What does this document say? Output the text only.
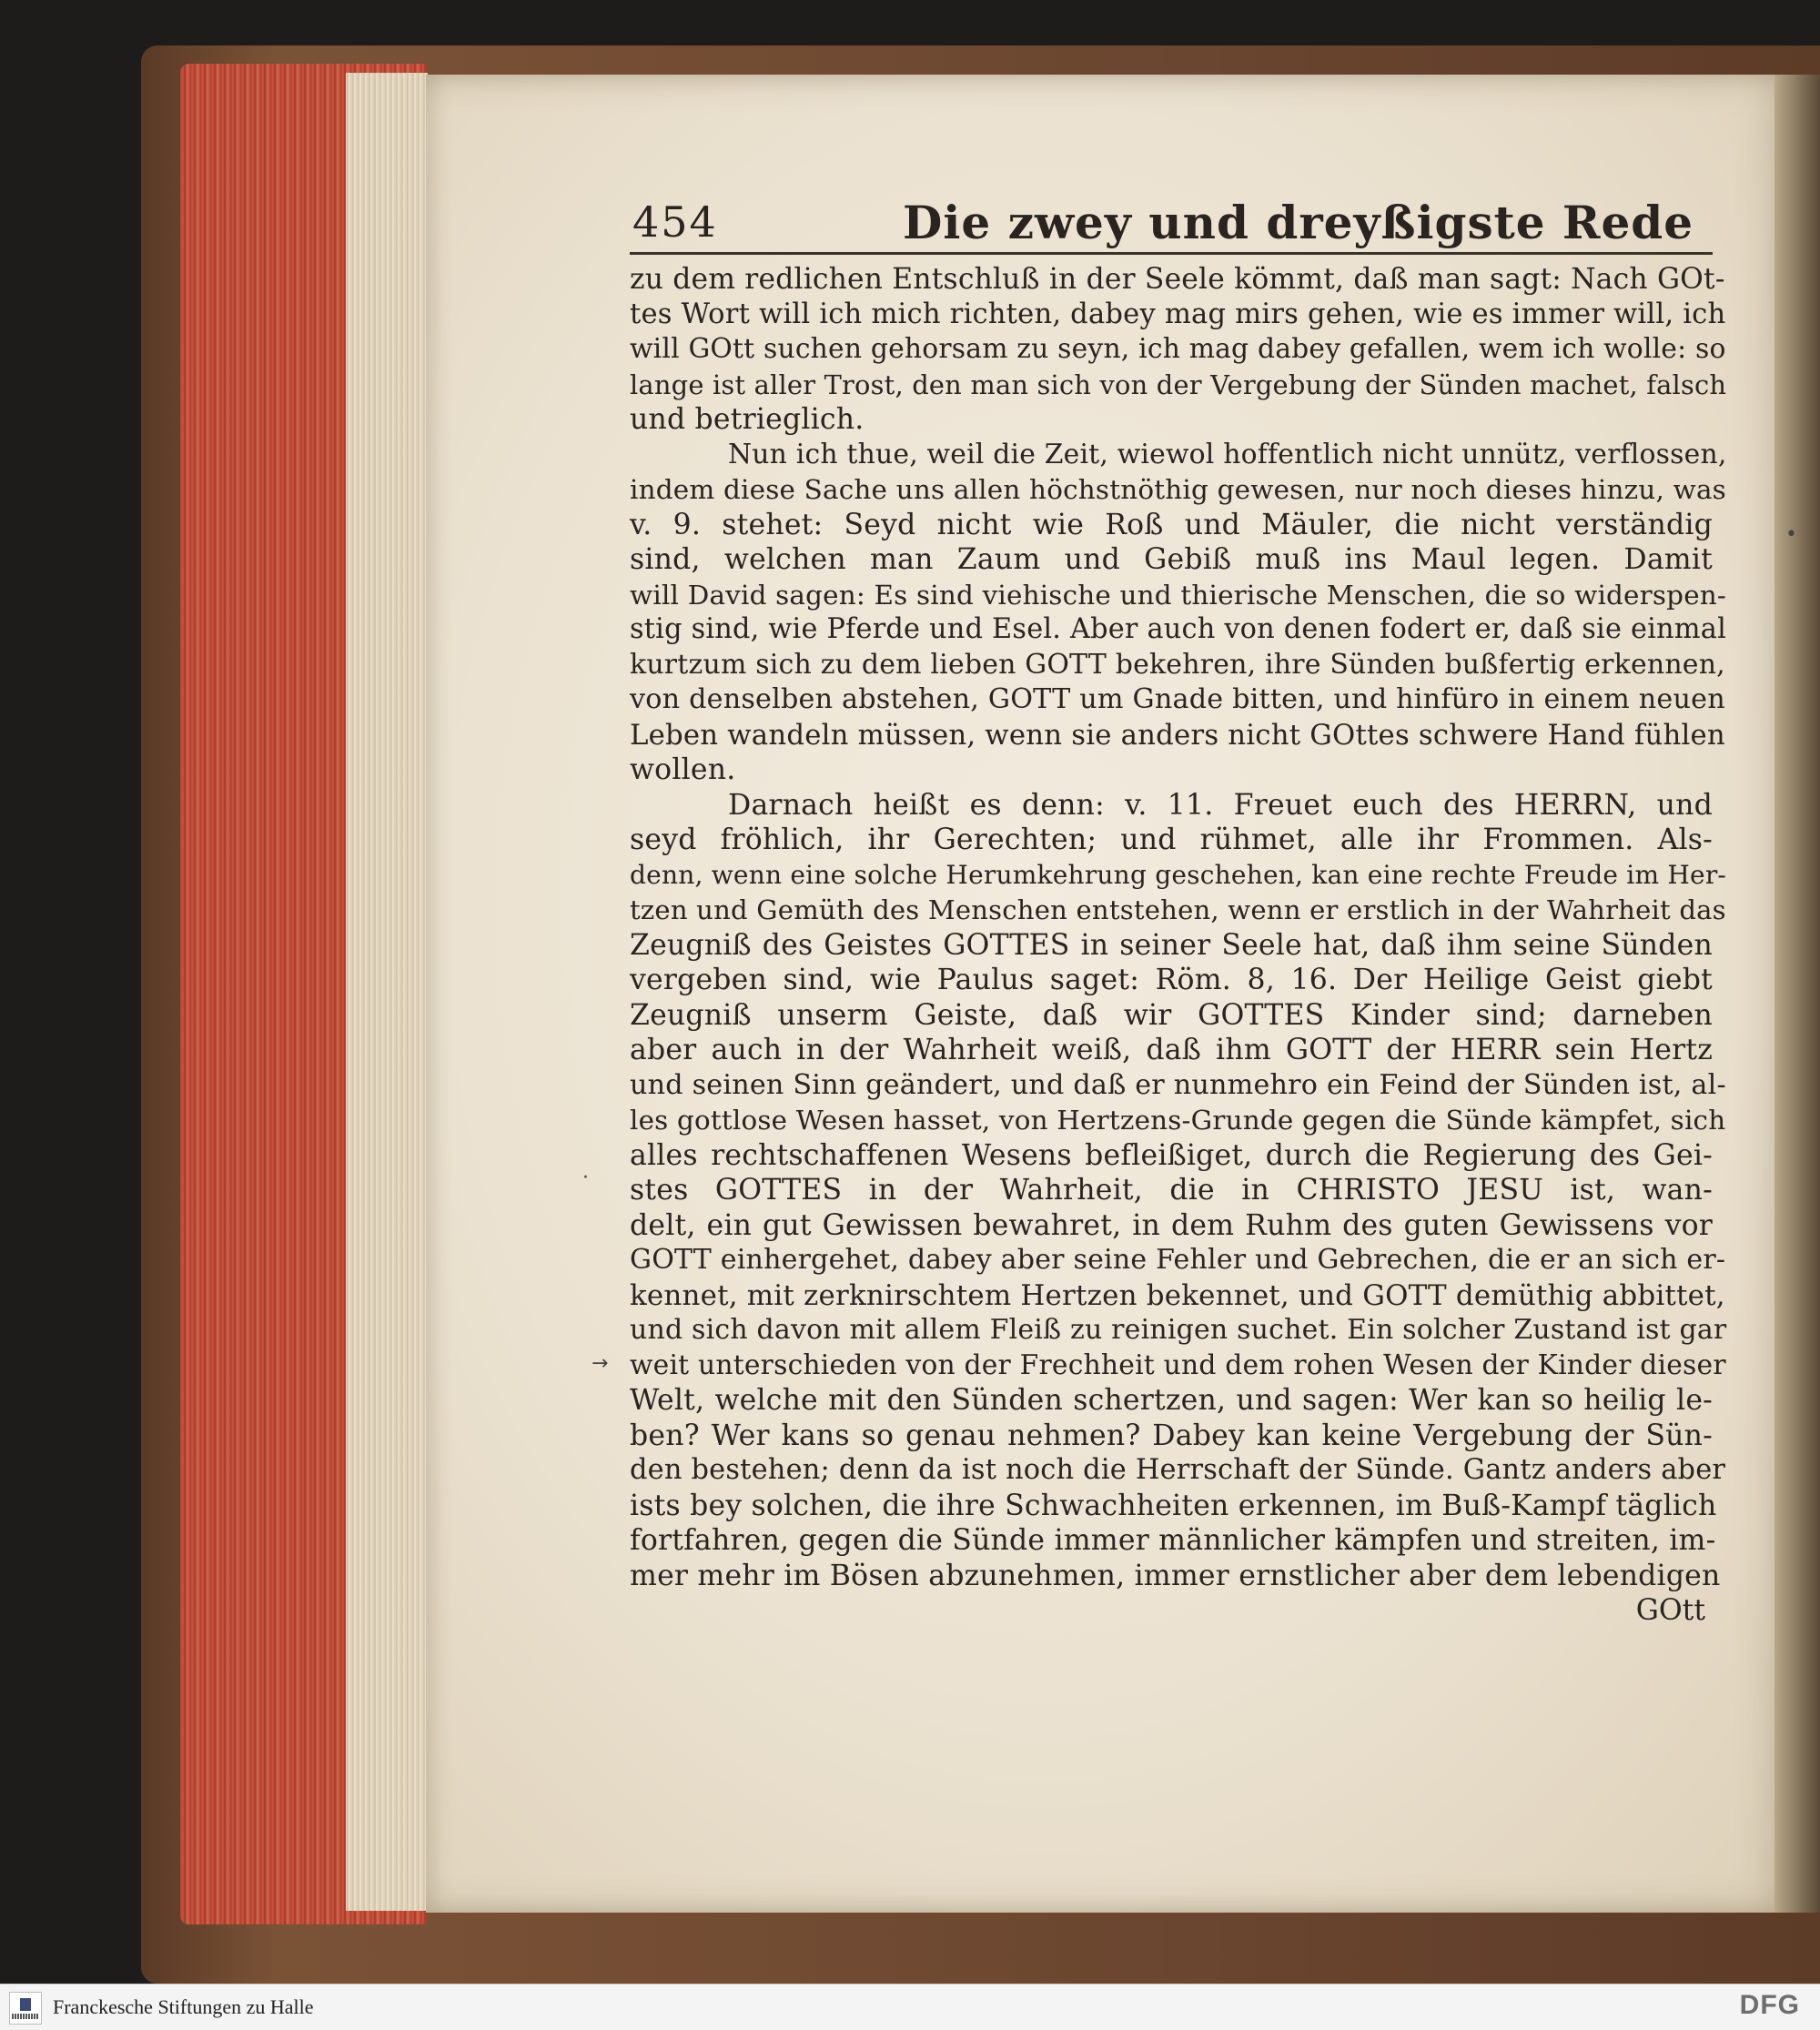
•
·
→
454	Die zwey und dreyßigste Rede
zu dem redlichen Entschluß in der Seele kömmt, daß man sagt: Nach GOt-
tes Wort will ich mich richten, dabey mag mirs gehen, wie es immer will, ich
will GOtt suchen gehorsam zu seyn, ich mag dabey gefallen, wem ich wolle: so
lange ist aller Trost, den man sich von der Vergebung der Sünden machet, falsch
und betrieglich.
Nun ich thue, weil die Zeit, wiewol hoffentlich nicht unnütz, verflossen,
indem diese Sache uns allen höchstnöthig gewesen, nur noch dieses hinzu, was
v. 9. stehet: Seyd nicht wie Roß und Mäuler, die nicht verständig
sind, welchen man Zaum und Gebiß muß ins Maul legen. Damit
will David sagen: Es sind viehische und thierische Menschen, die so widerspen-
stig sind, wie Pferde und Esel. Aber auch von denen fodert er, daß sie einmal
kurtzum sich zu dem lieben GOTT bekehren, ihre Sünden bußfertig erkennen,
von denselben abstehen, GOTT um Gnade bitten, und hinfüro in einem neuen
Leben wandeln müssen, wenn sie anders nicht GOttes schwere Hand fühlen
wollen.
Darnach heißt es denn: v. 11. Freuet euch des HERRN, und
seyd fröhlich, ihr Gerechten; und rühmet, alle ihr Frommen. Als-
denn, wenn eine solche Herumkehrung geschehen, kan eine rechte Freude im Her-
tzen und Gemüth des Menschen entstehen, wenn er erstlich in der Wahrheit das
Zeugniß des Geistes GOTTES in seiner Seele hat, daß ihm seine Sünden
vergeben sind, wie Paulus saget: Röm. 8, 16. Der Heilige Geist giebt
Zeugniß unserm Geiste, daß wir GOTTES Kinder sind; darneben
aber auch in der Wahrheit weiß, daß ihm GOTT der HERR sein Hertz
und seinen Sinn geändert, und daß er nunmehro ein Feind der Sünden ist, al-
les gottlose Wesen hasset, von Hertzens-Grunde gegen die Sünde kämpfet, sich
alles rechtschaffenen Wesens befleißiget, durch die Regierung des Gei-
stes GOTTES in der Wahrheit, die in CHRISTO JESU ist, wan-
delt, ein gut Gewissen bewahret, in dem Ruhm des guten Gewissens vor
GOTT einhergehet, dabey aber seine Fehler und Gebrechen, die er an sich er-
kennet, mit zerknirschtem Hertzen bekennet, und GOTT demüthig abbittet,
und sich davon mit allem Fleiß zu reinigen suchet. Ein solcher Zustand ist gar
weit unterschieden von der Frechheit und dem rohen Wesen der Kinder dieser
Welt, welche mit den Sünden schertzen, und sagen: Wer kan so heilig le-
ben? Wer kans so genau nehmen? Dabey kan keine Vergebung der Sün-
den bestehen; denn da ist noch die Herrschaft der Sünde. Gantz anders aber
ists bey solchen, die ihre Schwachheiten erkennen, im Buß-Kampf täglich
fortfahren, gegen die Sünde immer männlicher kämpfen und streiten, im-
mer mehr im Bösen abzunehmen, immer ernstlicher aber dem lebendigen
GOtt
Franckesche Stiftungen zu Halle	DFG
